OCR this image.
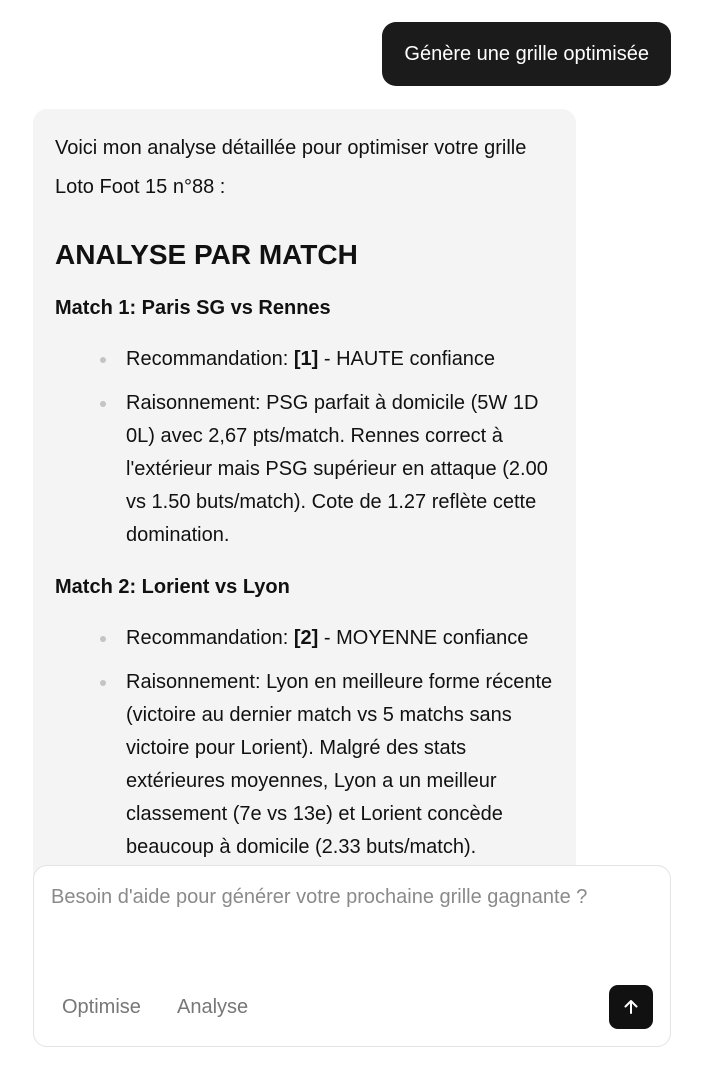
Génère une grille optimisée

Voici mon analyse détaillée pour optimiser votre grille

Loto Foot 15 n°88 :

ANALYSE PAR MATCH
Match 1: Paris SG vs Rennes
Recommandation: [1] - HAUTE confiance
Raisonnement: PSG parfait à domicile (5W 1D 0L) avec 2,67 pts/match. Rennes correct à l'extérieur mais PSG supérieur en attaque (2.00 vs 1.50 buts/match). Cote de 1.27 reflète cette domination.
Match 2: Lorient vs Lyon
Recommandation: [2] - MOYENNE confiance
Raisonnement: Lyon en meilleure forme récente (victoire au dernier match vs 5 matchs sans victoire pour Lorient). Malgré des stats extérieures moyennes, Lyon a un meilleur classement (7e vs 13e) et Lorient concède beaucoup à domicile (2.33 buts/match).
Besoin d'aide pour générer votre prochaine grille gagnante ?
Optimise Analyse
